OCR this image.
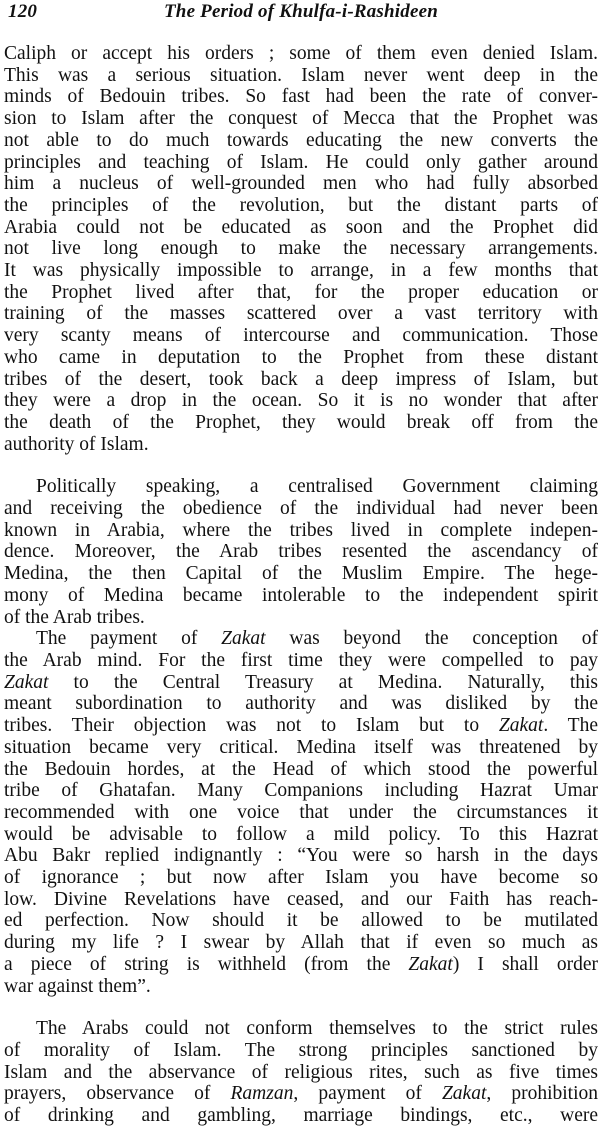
120	The Period of Khulfa-i-Rashideen
Caliph or accept his orders ; some of them even denied Islam.
This was a serious situation. Islam never went deep in the
minds of Bedouin tribes. So fast had been the rate of conver-
sion to Islam after the conquest of Mecca that the Prophet was
not able to do much towards educating the new converts the
principles and teaching of Islam. He could only gather around
him a nucleus of well-grounded men who had fully absorbed
the principles of the revolution, but the distant parts of
Arabia could not be educated as soon and the Prophet did
not live long enough to make the necessary arrangements.
It was physically impossible to arrange, in a few months that
the Prophet lived after that, for the proper education or
training of the masses scattered over a vast territory with
very scanty means of intercourse and communication. Those
who came in deputation to the Prophet from these distant
tribes of the desert, took back a deep impress of Islam, but
they were a drop in the ocean. So it is no wonder that after
the death of the Prophet, they would break off from the
authority of Islam.
Politically speaking, a centralised Government claiming
and receiving the obedience of the individual had never been
known in Arabia, where the tribes lived in complete indepen-
dence. Moreover, the Arab tribes resented the ascendancy of
Medina, the then Capital of the Muslim Empire. The hege-
mony of Medina became intolerable to the independent spirit
of the Arab tribes.
The payment of Zakat was beyond the conception of
the Arab mind. For the first time they were compelled to pay
Zakat to the Central Treasury at Medina. Naturally, this
meant subordination to authority and was disliked by the
tribes. Their objection was not to Islam but to Zakat. The
situation became very critical. Medina itself was threatened by
the Bedouin hordes, at the Head of which stood the powerful
tribe of Ghatafan. Many Companions including Hazrat Umar
recommended with one voice that under the circumstances it
would be advisable to follow a mild policy. To this Hazrat
Abu Bakr replied indignantly : “You were so harsh in the days
of ignorance ; but now after Islam you have become so
low. Divine Revelations have ceased, and our Faith has reach-
ed perfection. Now should it be allowed to be mutilated
during my life ? I swear by Allah that if even so much as
a piece of string is withheld (from the Zakat) I shall order
war against them”.
The Arabs could not conform themselves to the strict rules
of morality of Islam. The strong principles sanctioned by
Islam and the abservance of religious rites, such as five times
prayers, observance of Ramzan, payment of Zakat, prohibition
of drinking and gambling, marriage bindings, etc., were
